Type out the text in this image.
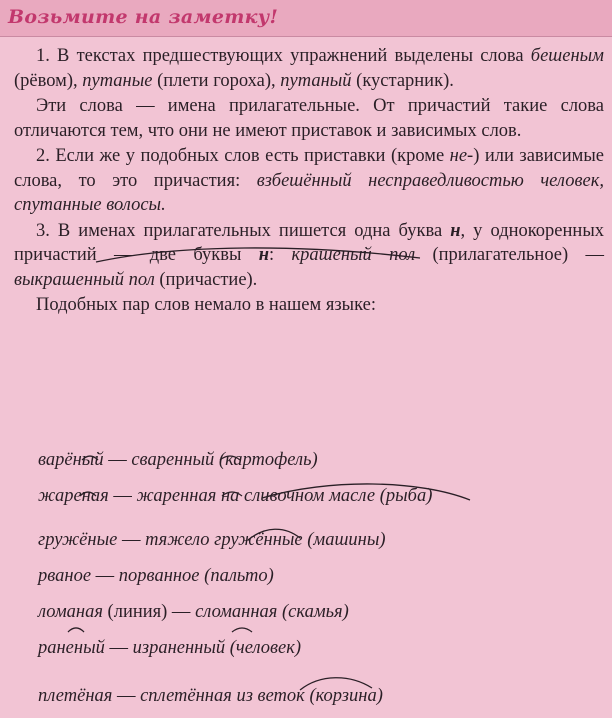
Возьмите на заметку!

1. В текстах предшествующих упражнений выделены слова бешеным (рёвом), путаные (плети гороха), путаный (кустарник).

Эти слова — имена прилагательные. От причастий такие слова отличаются тем, что они не имеют приставок и зависимых слов.

2. Если же у подобных слов есть приставки (кроме не-) или зависимые слова, то это причастия: взбешённый несправедливостью человек, спутанные волосы.

3. В именах прилагательных пишется одна буква н, у однокоренных причастий — две буквы н: крашеный пол (прилагательное) — выкрашенный пол (причастие).

Подобных пар слов немало в нашем языке:

варёный — сваренный (картофель)
жареная — жаренная на сливочном масле (рыба)
гружёные — тяжело гружённые (машины)
рваное — порванное (пальто)
ломаная (линия) — сломанная (скамья)
раненый — израненный (человек)
плетёная — сплетённая из веток (корзина)
